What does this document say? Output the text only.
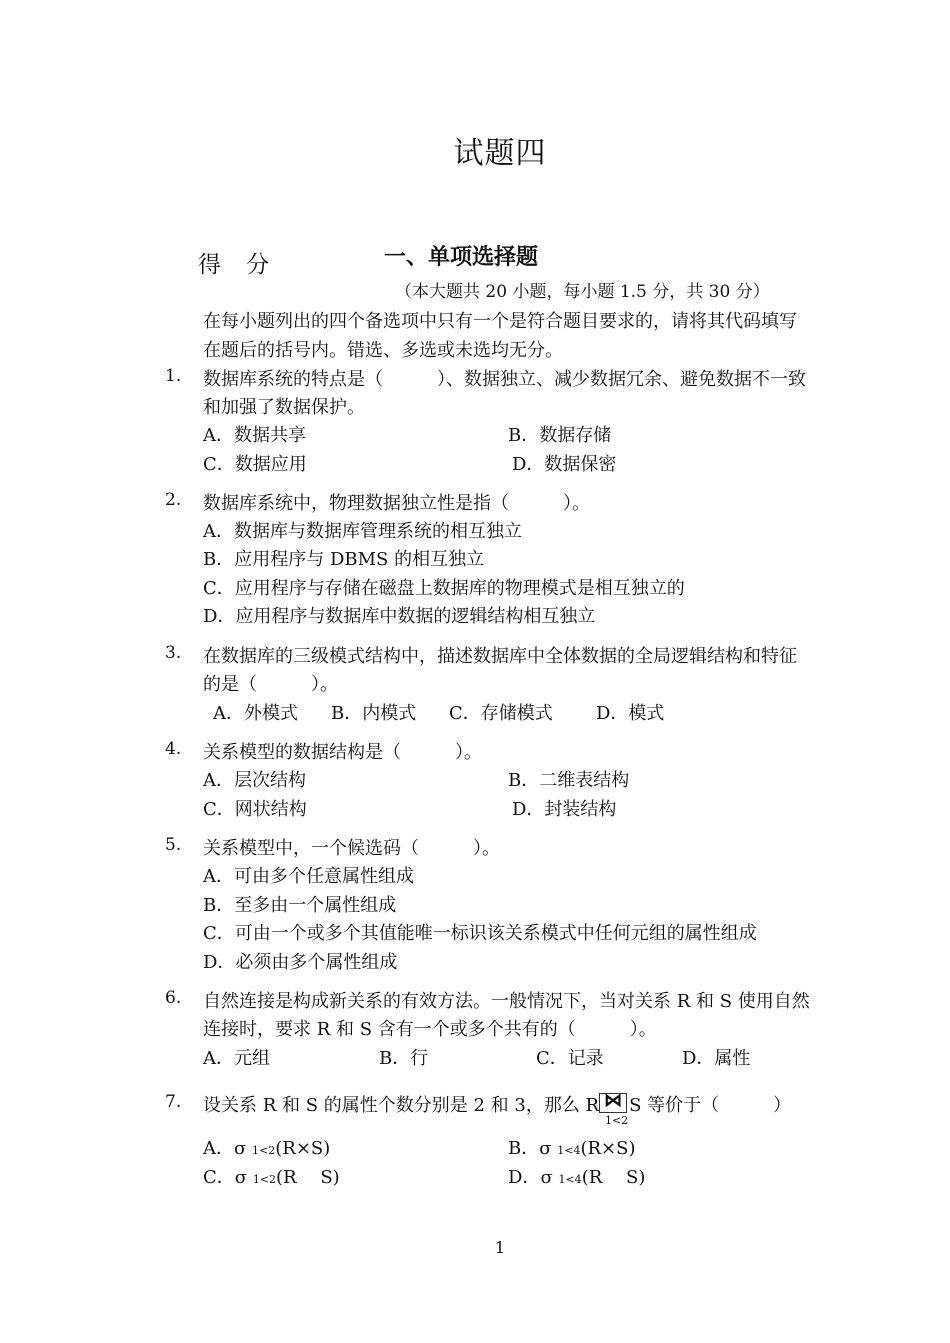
试题四
得 分	一、单项选择题
（本大题共 20 小题，每小题 1.5 分，共 30 分）
在每小题列出的四个备选项中只有一个是符合题目要求的，请将其代码填写
在题后的括号内。错选、多选或未选均无分。
1. 数据库系统的特点是（　　　）、数据独立、减少数据冗余、避免数据不一致
和加强了数据保护。
A．数据共享	B．数据存储
C．数据应用	D．数据保密
2. 数据库系统中，物理数据独立性是指（　　　）。
A．数据库与数据库管理系统的相互独立
B．应用程序与 DBMS 的相互独立
C．应用程序与存储在磁盘上数据库的物理模式是相互独立的
D．应用程序与数据库中数据的逻辑结构相互独立
3. 在数据库的三级模式结构中，描述数据库中全体数据的全局逻辑结构和特征
的是（　　　）。
A．外模式 B．内模式 C．存储模式 D．模式
4. 关系模型的数据结构是（　　　）。
A．层次结构	B．二维表结构
C．网状结构	D．封装结构
5. 关系模型中，一个候选码（　　　）。
A．可由多个任意属性组成
B．至多由一个属性组成
C．可由一个或多个其值能唯一标识该关系模式中任何元组的属性组成
D．必须由多个属性组成
6. 自然连接是构成新关系的有效方法。一般情况下，当对关系 R 和 S 使用自然
连接时，要求 R 和 S 含有一个或多个共有的（　　　）。
A．元组	B．行	C．记录	D．属性
7. 设关系 R 和 S 的属性个数分别是 2 和 3，那么 R ⋈ S 等价于（　　　）
1<2
A．σ 1<2(R×S)	B．σ 1<4(R×S)
C．σ 1<2(R　 S)	D．σ 1<4(R　 S)
1
